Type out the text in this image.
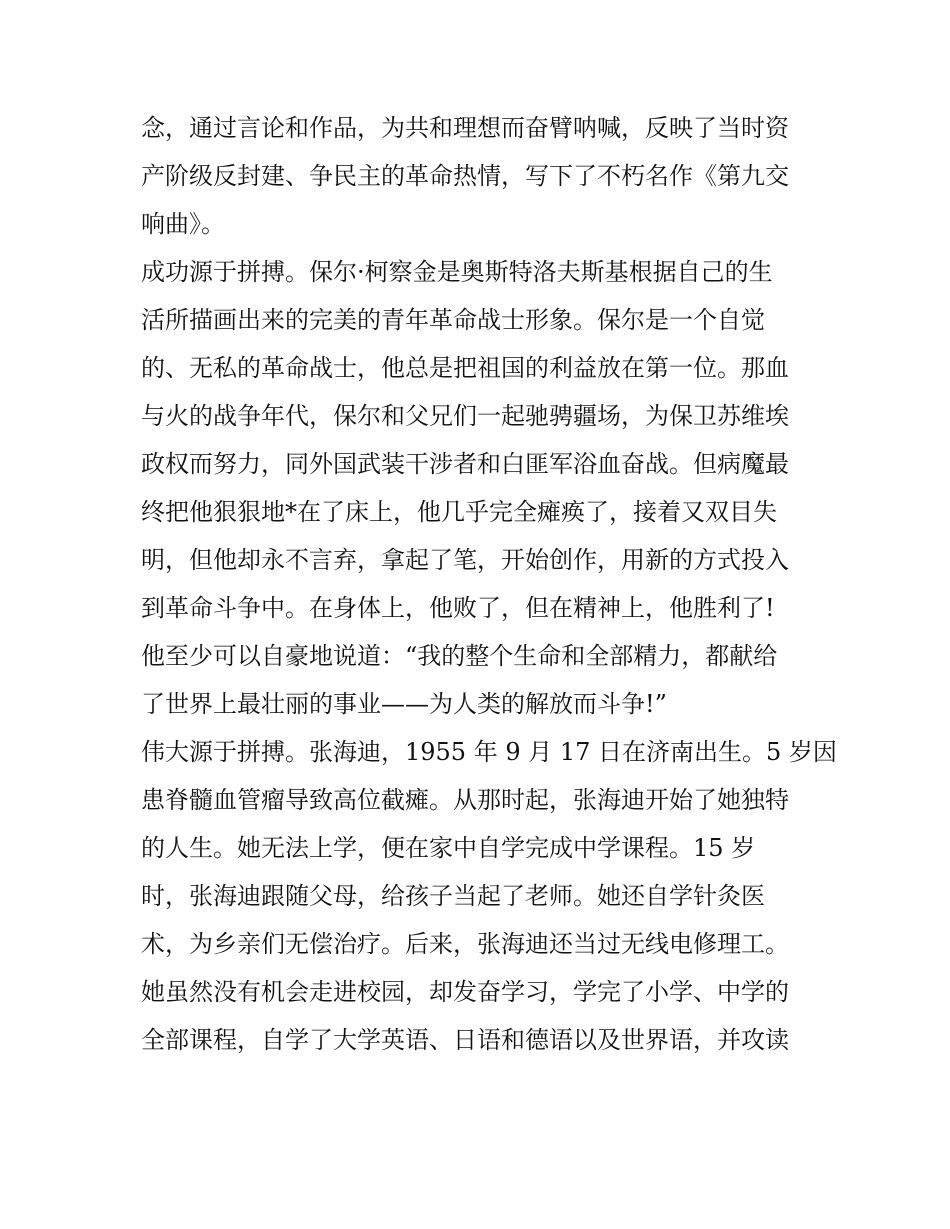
念，通过言论和作品，为共和理想而奋臂呐喊，反映了当时资
产阶级反封建、争民主的革命热情，写下了不朽名作《第九交
响曲》。
成功源于拼搏。保尔·柯察金是奥斯特洛夫斯基根据自己的生
活所描画出来的完美的青年革命战士形象。保尔是一个自觉
的、无私的革命战士，他总是把祖国的利益放在第一位。那血
与火的战争年代，保尔和父兄们一起驰骋疆场，为保卫苏维埃
政权而努力，同外国武装干涉者和白匪军浴血奋战。但病魔最
终把他狠狠地*在了床上，他几乎完全瘫痪了，接着又双目失
明，但他却永不言弃，拿起了笔，开始创作，用新的方式投入
到革命斗争中。在身体上，他败了，但在精神上，他胜利了!
他至少可以自豪地说道：“我的整个生命和全部精力，都献给
了世界上最壮丽的事业——为人类的解放而斗争!”
伟大源于拼搏。张海迪，1955 年 9 月 17 日在济南出生。5 岁因
患脊髓血管瘤导致高位截瘫。从那时起，张海迪开始了她独特
的人生。她无法上学，便在家中自学完成中学课程。15 岁
时，张海迪跟随父母，给孩子当起了老师。她还自学针灸医
术，为乡亲们无偿治疗。后来，张海迪还当过无线电修理工。
她虽然没有机会走进校园，却发奋学习，学完了小学、中学的
全部课程，自学了大学英语、日语和德语以及世界语，并攻读
